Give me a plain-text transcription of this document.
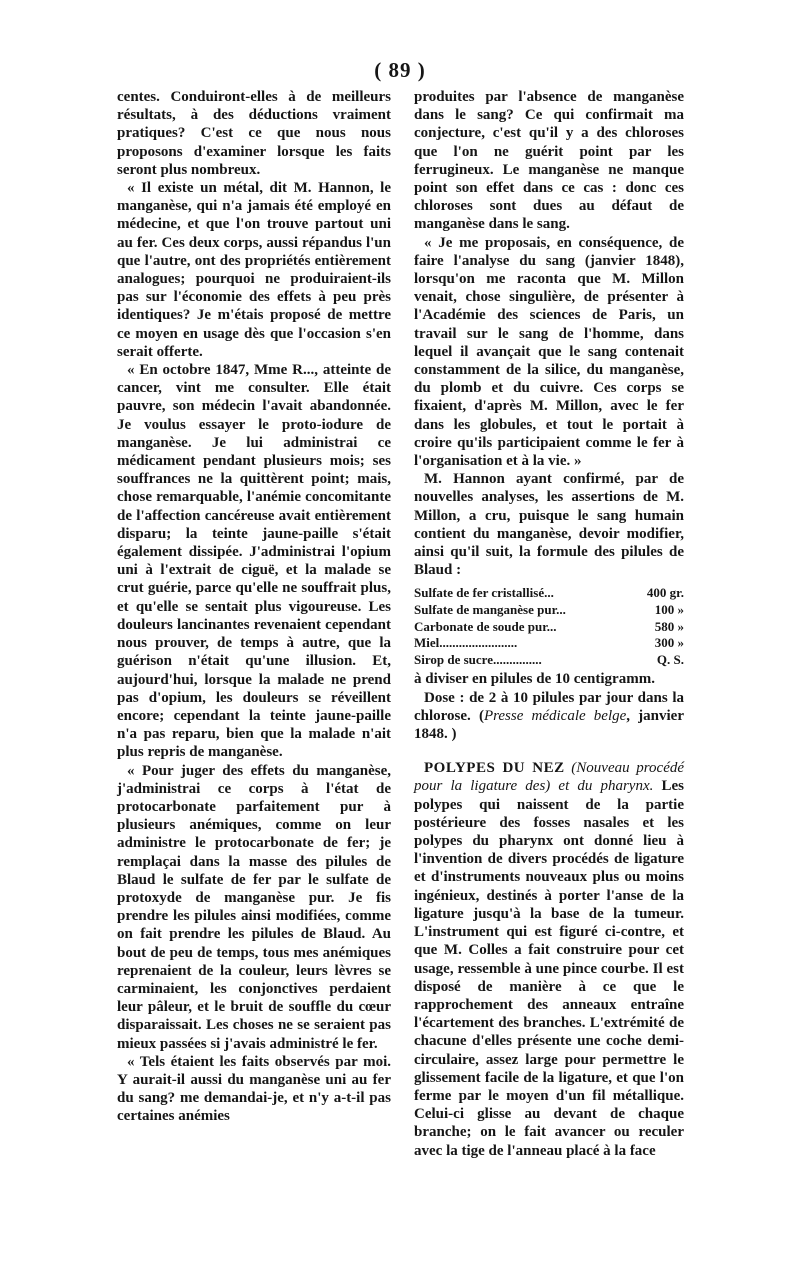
( 89 )

centes. Conduiront-elles à de meilleurs résultats, à des déductions vraiment pratiques? C'est ce que nous nous proposons d'examiner lorsque les faits seront plus nombreux.

« Il existe un métal, dit M. Hannon, le manganèse, qui n'a jamais été employé en médecine, et que l'on trouve partout uni au fer. Ces deux corps, aussi répandus l'un que l'autre, ont des propriétés entièrement analogues; pourquoi ne produiraient-ils pas sur l'économie des effets à peu près identiques? Je m'étais proposé de mettre ce moyen en usage dès que l'occasion s'en serait offerte.

« En octobre 1847, Mme R..., atteinte de cancer, vint me consulter. Elle était pauvre, son médecin l'avait abandonnée. Je voulus essayer le proto-iodure de manganèse. Je lui administrai ce médicament pendant plusieurs mois; ses souffrances ne la quittèrent point; mais, chose remarquable, l'anémie concomitante de l'affection cancéreuse avait entièrement disparu; la teinte jaune-paille s'était également dissipée. J'administrai l'opium uni à l'extrait de ciguë, et la malade se crut guérie, parce qu'elle ne souffrait plus, et qu'elle se sentait plus vigoureuse. Les douleurs lancinantes revenaient cependant nous prouver, de temps à autre, que la guérison n'était qu'une illusion. Et, aujourd'hui, lorsque la malade ne prend pas d'opium, les douleurs se réveillent encore; cependant la teinte jaune-paille n'a pas reparu, bien que la malade n'ait plus repris de manganèse.

« Pour juger des effets du manganèse, j'administrai ce corps à l'état de protocarbonate parfaitement pur à plusieurs anémiques, comme on leur administre le protocarbonate de fer; je remplaçai dans la masse des pilules de Blaud le sulfate de fer par le sulfate de protoxyde de manganèse pur. Je fis prendre les pilules ainsi modifiées, comme on fait prendre les pilules de Blaud. Au bout de peu de temps, tous mes anémiques reprenaient de la couleur, leurs lèvres se carminaient, les conjonctives perdaient leur pâleur, et le bruit de souffle du cœur disparaissait. Les choses ne se seraient pas mieux passées si j'avais administré le fer.

« Tels étaient les faits observés par moi. Y aurait-il aussi du manganèse uni au fer du sang? me demandai-je, et n'y a-t-il pas certaines anémies

produites par l'absence de manganèse dans le sang? Ce qui confirmait ma conjecture, c'est qu'il y a des chloroses que l'on ne guérit point par les ferrugineux. Le manganèse ne manque point son effet dans ce cas : donc ces chloroses sont dues au défaut de manganèse dans le sang.

« Je me proposais, en conséquence, de faire l'analyse du sang (janvier 1848), lorsqu'on me raconta que M. Millon venait, chose singulière, de présenter à l'Académie des sciences de Paris, un travail sur le sang de l'homme, dans lequel il avançait que le sang contenait constamment de la silice, du manganèse, du plomb et du cuivre. Ces corps se fixaient, d'après M. Millon, avec le fer dans les globules, et tout le portait à croire qu'ils participaient comme le fer à l'organisation et à la vie. »

M. Hannon ayant confirmé, par de nouvelles analyses, les assertions de M. Millon, a cru, puisque le sang humain contient du manganèse, devoir modifier, ainsi qu'il suit, la formule des pilules de Blaud :

Sulfate de fer cristallisé...	400 gr.
Sulfate de manganèse pur...	100 »
Carbonate de soude pur...	580 »
Miel........................	300 »
Sirop de sucre...............	Q. S.

à diviser en pilules de 10 centigramm.

Dose : de 2 à 10 pilules par jour dans la chlorose. (Presse médicale belge, janvier 1848. )

POLYPES DU NEZ (Nouveau procédé pour la ligature des) et du pharynx. Les polypes qui naissent de la partie postérieure des fosses nasales et les polypes du pharynx ont donné lieu à l'invention de divers procédés de ligature et d'instruments nouveaux plus ou moins ingénieux, destinés à porter l'anse de la ligature jusqu'à la base de la tumeur. L'instrument qui est figuré ci-contre, et que M. Colles a fait construire pour cet usage, ressemble à une pince courbe. Il est disposé de manière à ce que le rapprochement des anneaux entraîne l'écartement des branches. L'extrémité de chacune d'elles présente une coche demi-circulaire, assez large pour permettre le glissement facile de la ligature, et que l'on ferme par le moyen d'un fil métallique. Celui-ci glisse au devant de chaque branche; on le fait avancer ou reculer avec la tige de l'anneau placé à la face
